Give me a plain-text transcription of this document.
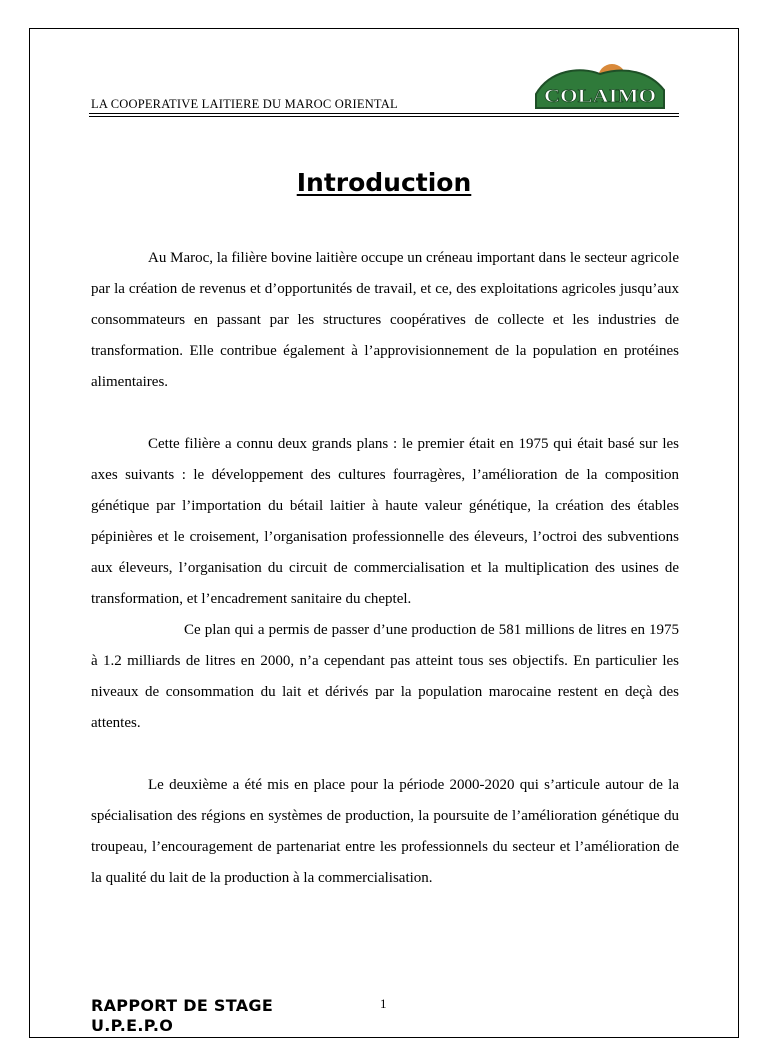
LA COOPERATIVE LAITIERE DU MAROC ORIENTAL	COLAIMO
Introduction

Au Maroc, la filière bovine laitière occupe un créneau important dans le secteur agricole par la création de revenus et d’opportunités de travail, et ce, des exploitations agricoles jusqu’aux consommateurs en passant par les structures coopératives de collecte et les industries de transformation. Elle contribue également à l’approvisionnement de la population en protéines alimentaires.

Cette filière a connu deux grands plans : le premier était en 1975 qui était basé sur les axes suivants : le développement des cultures fourragères, l’amélioration de la composition génétique par l’importation du bétail laitier à haute valeur génétique, la création des étables pépinières et le croisement, l’organisation professionnelle des éleveurs, l’octroi des subventions aux éleveurs, l’organisation du circuit de commercialisation et la multiplication des usines de transformation, et l’encadrement sanitaire du cheptel.

Ce plan qui a permis de passer d’une production de 581 millions de litres en 1975 à 1.2 milliards de litres en 2000, n’a cependant pas atteint tous ses objectifs. En particulier les niveaux de consommation du lait et dérivés par la population marocaine restent en deçà des attentes.

Le deuxième a été mis en place pour la période 2000-2020 qui s’articule autour de la spécialisation des régions en systèmes de production, la poursuite de l’amélioration génétique du troupeau, l’encouragement de partenariat entre les professionnels du secteur et l’amélioration de la qualité du lait de la production à la commercialisation.

RAPPORT DE STAGE
U.P.E.P.O
1
